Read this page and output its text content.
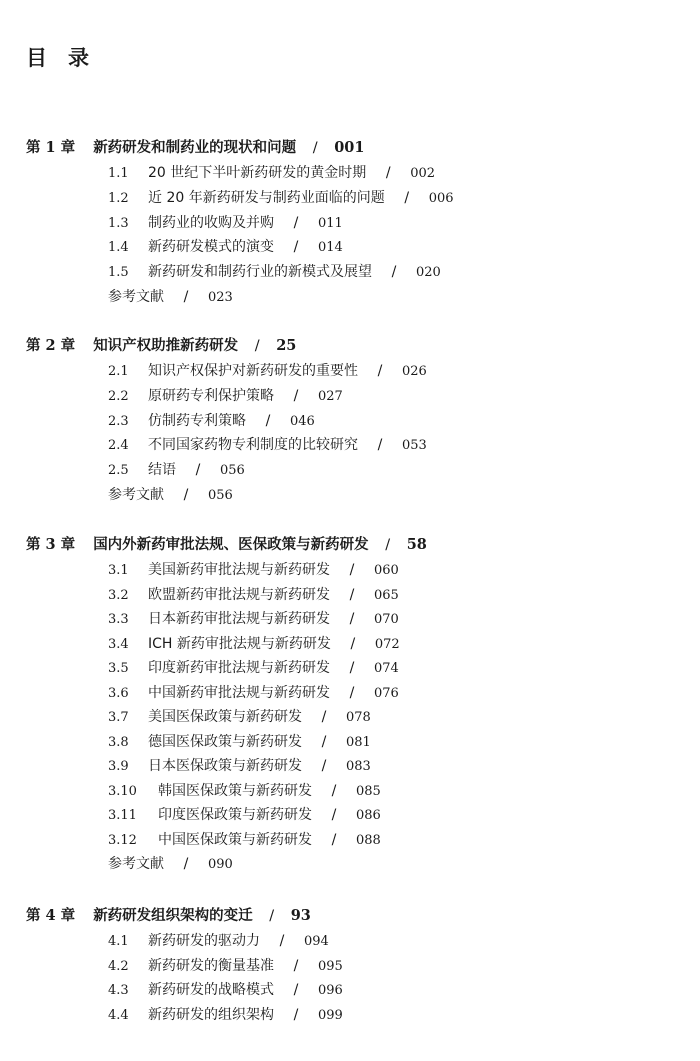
目　录
第 1 章 新药研发和制药业的现状和问题 / 001
1.1 20 世纪下半叶新药研发的黄金时期 / 002
1.2 近 20 年新药研发与制药业面临的问题 / 006
1.3 制药业的收购及并购 / 011
1.4 新药研发模式的演变 / 014
1.5 新药研发和制药行业的新模式及展望 / 020
参考文献 / 023
第 2 章 知识产权助推新药研发 / 25
2.1 知识产权保护对新药研发的重要性 / 026
2.2 原研药专利保护策略 / 027
2.3 仿制药专利策略 / 046
2.4 不同国家药物专利制度的比较研究 / 053
2.5 结语 / 056
参考文献 / 056
第 3 章 国内外新药审批法规、医保政策与新药研发 / 58
3.1 美国新药审批法规与新药研发 / 060
3.2 欧盟新药审批法规与新药研发 / 065
3.3 日本新药审批法规与新药研发 / 070
3.4 ICH 新药审批法规与新药研发 / 072
3.5 印度新药审批法规与新药研发 / 074
3.6 中国新药审批法规与新药研发 / 076
3.7 美国医保政策与新药研发 / 078
3.8 德国医保政策与新药研发 / 081
3.9 日本医保政策与新药研发 / 083
3.10 韩国医保政策与新药研发 / 085
3.11 印度医保政策与新药研发 / 086
3.12 中国医保政策与新药研发 / 088
参考文献 / 090
第 4 章 新药研发组织架构的变迁 / 93
4.1 新药研发的驱动力 / 094
4.2 新药研发的衡量基准 / 095
4.3 新药研发的战略模式 / 096
4.4 新药研发的组织架构 / 099
